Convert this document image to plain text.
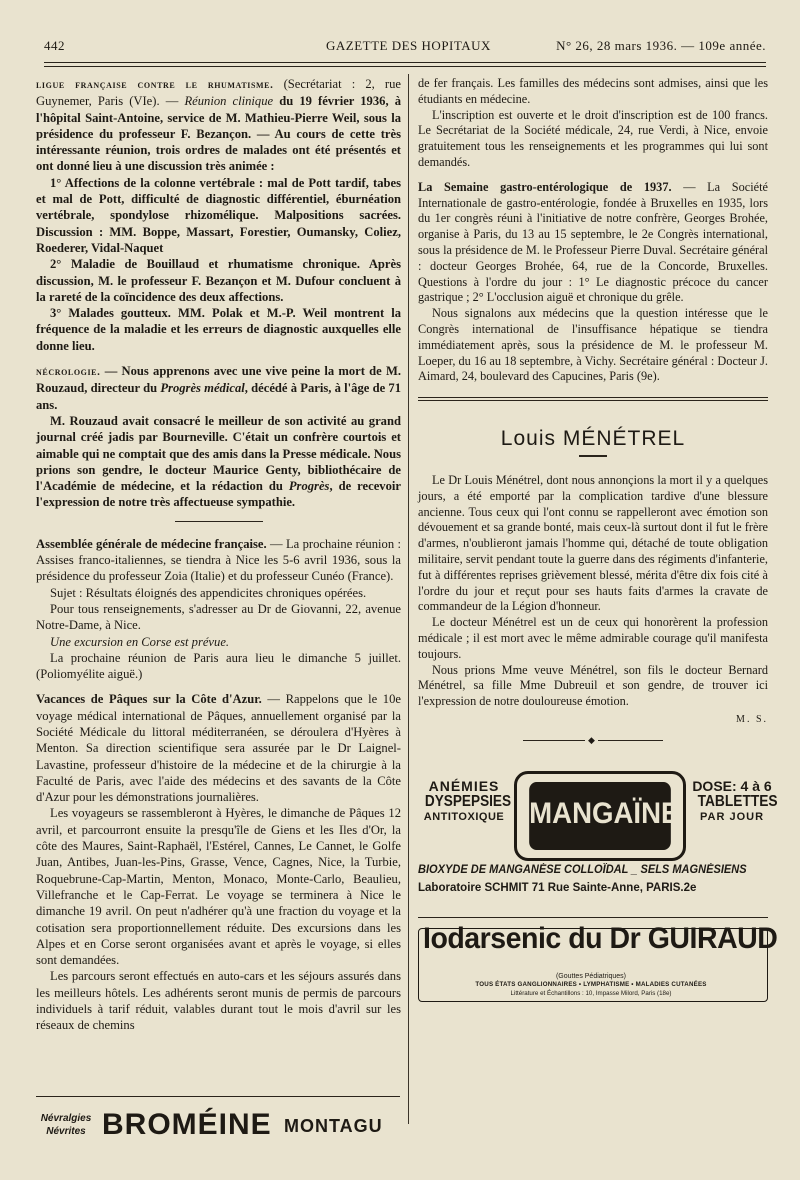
442	GAZETTE DES HOPITAUX	N° 26, 28 mars 1936. — 109e année.

ligue française contre le rhumatisme. (Secrétariat : 2, rue Guynemer, Paris (VIe). — Réunion clinique du 19 février 1936, à l'hôpital Saint-Antoine, service de M. Mathieu-Pierre Weil, sous la présidence du professeur F. Bezançon. — Au cours de cette très intéressante réunion, trois ordres de malades ont été présentés et ont donné lieu à une discussion très animée :

1° Affections de la colonne vertébrale : mal de Pott tardif, tabes et mal de Pott, difficulté de diagnostic différentiel, éburnéation vertébrale, spondylose rhizomélique. Malpositions sacrées. Discussion : MM. Boppe, Massart, Forestier, Oumansky, Coliez, Roederer, Vidal-Naquet

2° Maladie de Bouillaud et rhumatisme chronique. Après discussion, M. le professeur F. Bezançon et M. Dufour concluent à la rareté de la coïncidence des deux affections.

3° Malades goutteux. MM. Polak et M.-P. Weil montrent la fréquence de la maladie et les erreurs de diagnostic auxquelles elle donne lieu.

nécrologie. — Nous apprenons avec une vive peine la mort de M. Rouzaud, directeur du Progrès médical, décédé à Paris, à l'âge de 71 ans.

M. Rouzaud avait consacré le meilleur de son activité au grand journal créé jadis par Bourneville. C'était un confrère courtois et aimable qui ne comptait que des amis dans la Presse médicale. Nous prions son gendre, le docteur Maurice Genty, bibliothécaire de l'Académie de médecine, et la rédaction du Progrès, de recevoir l'expression de notre très affectueuse sympathie.

Assemblée générale de médecine française. — La prochaine réunion : Assises franco-italiennes, se tiendra à Nice les 5-6 avril 1936, sous la présidence du professeur Zoia (Italie) et du professeur Cunéo (France).

Sujet : Résultats éloignés des appendicites chroniques opérées.

Pour tous renseignements, s'adresser au Dr de Giovanni, 22, avenue Notre-Dame, à Nice.

Une excursion en Corse est prévue.

La prochaine réunion de Paris aura lieu le dimanche 5 juillet. (Poliomyélite aiguë.)

Vacances de Pâques sur la Côte d'Azur. — Rappelons que le 10e voyage médical international de Pâques, annuellement organisé par la Société Médicale du littoral méditerranéen, se déroulera d'Hyères à Menton. Sa direction scientifique sera assurée par le Dr Laignel-Lavastine, professeur d'histoire de la médecine et de la chirurgie à la Faculté de Paris, avec l'aide des médecins et des savants de la Côte d'Azur pour les démonstrations journalières.

Les voyageurs se rassembleront à Hyères, le dimanche de Pâques 12 avril, et parcourront ensuite la presqu'île de Giens et les Iles d'Or, la côte des Maures, Saint-Raphaël, l'Estérel, Cannes, Le Cannet, le Golfe Juan, Antibes, Juan-les-Pins, Grasse, Vence, Cagnes, Nice, la Turbie, Roquebrune-Cap-Martin, Menton, Monaco, Monte-Carlo, Beaulieu, Villefranche et le Cap-Ferrat. Le voyage se terminera à Nice le dimanche 19 avril. On peut n'adhérer qu'à une fraction du voyage et la cotisation sera proportionnellement réduite. Des excursions dans les Alpes et en Corse seront organisées avant et après le voyage, si elles sont demandées.

Les parcours seront effectués en auto-cars et les séjours assurés dans les meilleurs hôtels. Les adhérents seront munis de permis de parcours individuels à tarif réduit, valables durant tout le mois d'avril sur les réseaux de chemins

Névralgies
Névrites BROMÉINE MONTAGU

de fer français. Les familles des médecins sont admises, ainsi que les étudiants en médecine.

L'inscription est ouverte et le droit d'inscription est de 100 francs. Le Secrétariat de la Société médicale, 24, rue Verdi, à Nice, envoie gratuitement tous les renseignements et les programmes qui lui sont demandés.

La Semaine gastro-entérologique de 1937. — La Société Internationale de gastro-entérologie, fondée à Bruxelles en 1935, lors du 1er congrès réuni à l'initiative de notre confrère, Georges Brohée, organise à Paris, du 13 au 15 septembre, le 2e Congrès international, sous la présidence de M. le Professeur Pierre Duval. Secrétaire général : docteur Georges Brohée, 64, rue de la Concorde, Bruxelles. Questions à l'ordre du jour : 1° Le diagnostic précoce du cancer gastrique ; 2° L'occlusion aiguë et chronique du grêle.

Nous signalons aux médecins que la question intéresse que le Congrès international de l'insuffisance hépatique se tiendra immédiatement après, sous la présidence de M. le professeur M. Loeper, du 16 au 18 septembre, à Vichy. Secrétaire général : Docteur J. Aimard, 24, boulevard des Capucines, Paris (9e).

Louis MÉNÉTREL

Le Dr Louis Ménétrel, dont nous annonçions la mort il y a quelques jours, a été emporté par la complication tardive d'une blessure ancienne. Tous ceux qui l'ont connu se rappelleront avec émotion son dévouement et sa grande bonté, mais ceux-là surtout dont il fut le frère d'armes, n'oublieront jamais l'homme qui, détaché de toute obligation militaire, servit pendant toute la guerre dans des régiments d'infanterie, fut à différentes reprises grièvement blessé, mérita d'être dix fois cité à l'ordre du jour et reçut pour ses hauts faits d'armes la cravate de commandeur de la Légion d'honneur.

Le docteur Ménétrel est un de ceux qui honorèrent la profession médicale ; il est mort avec le même admirable courage qu'il manifesta toujours.

Nous prions Mme veuve Ménétrel, son fils le docteur Bernard Ménétrel, sa fille Mme Dubreuil et son gendre, de trouver ici l'expression de notre douloureuse émotion.

M. S.
◆
ANÉMIES
DYSPEPSIES
ANTITOXIQUE MANGAÏNE
DOSE: 4 à 6
TABLETTES
PAR JOUR
BIOXYDE DE MANGANÈSE COLLOÏDAL _ SELS MAGNÉSIENS
Laboratoire SCHMIT 71 Rue Sainte-Anne, PARIS.2e
Iodarsenic du Dr GUIRAUD
(Gouttes Pédiatriques)
TOUS ÉTATS GANGLIONNAIRES • LYMPHATISME • MALADIES CUTANÉES
Littérature et Échantillons : 10, Impasse Milord, Paris (18e)
